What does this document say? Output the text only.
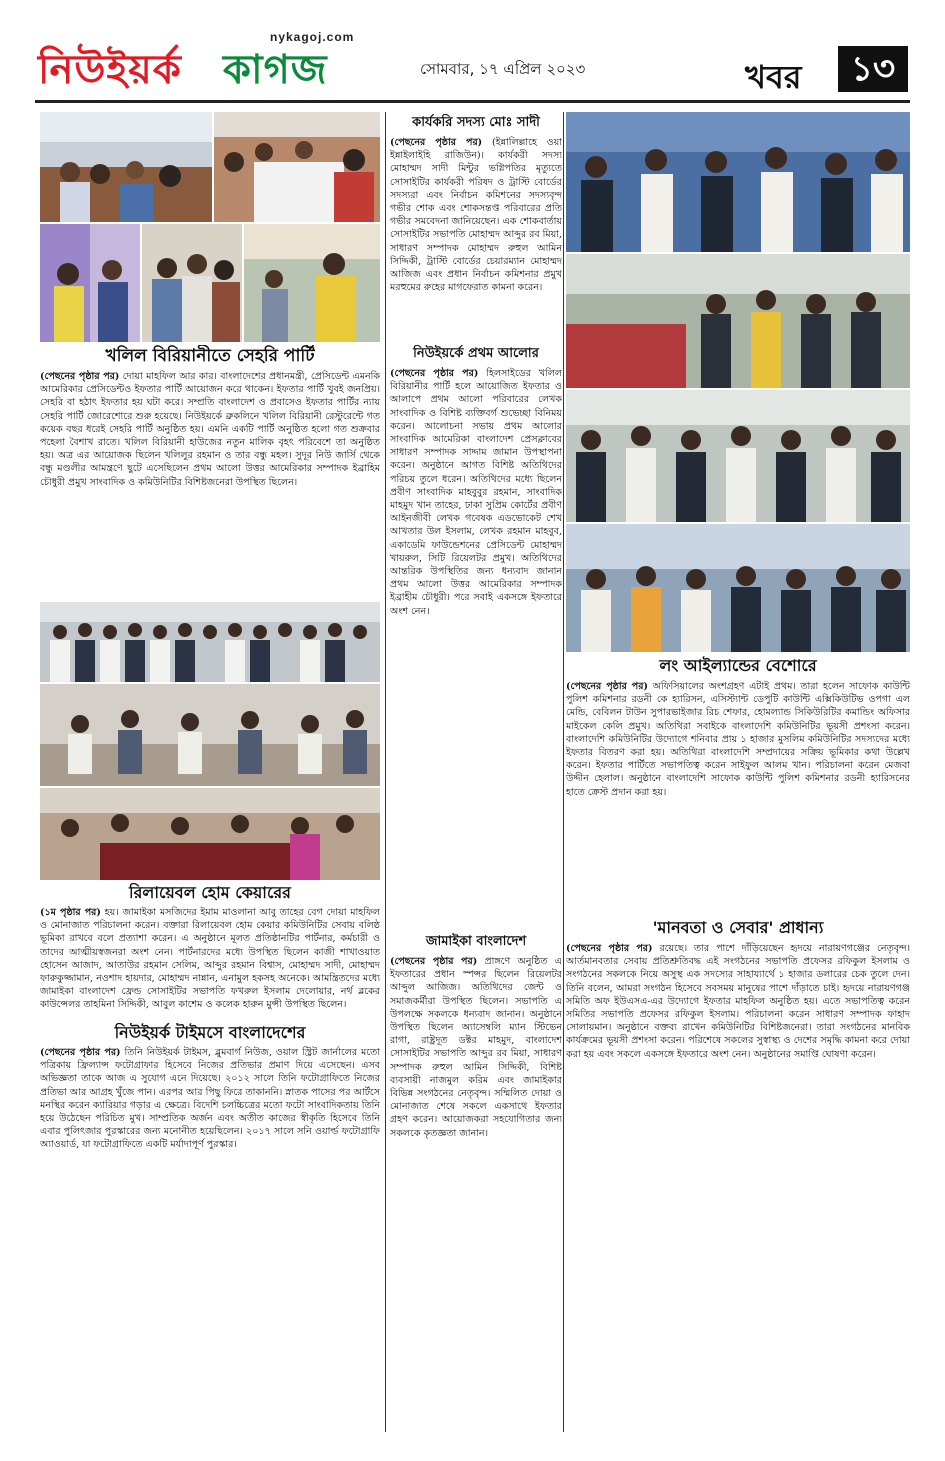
nykagoj.com
নিউইয়র্ক কাগজ	সোমবার, ১৭ এপ্রিল ২০২৩	খবর	১৩
খলিল বিরিয়ানীতে সেহরি পার্টি
(পেছনের পৃষ্ঠার পর) দোয়া মাহফিল আর কার। বাংলাদেশের প্রধানমন্ত্রী, প্রেসিডেন্ট এমনকি আমেরিকার প্রেসিডেন্টও ইফতার পার্টি আয়োজন করে থাকেন। ইফতার পার্টি খুবই জনপ্রিয়। সেহরি বা হঠাৎ ইফতার হয় ঘটা করে। সম্প্রতি বাংলাদেশ ও প্রবাসেও ইফতার পার্টির ন্যায় সেহরি পার্টি জোরেশোরে শুরু হয়েছে। নিউইয়র্কে ব্রুকলিনে খলিল বিরিয়ানী রেস্টুরেন্টে গত কয়েক বছর ধরেই সেহরি পার্টি অনুষ্ঠিত হয়। এমনি একটি পার্টি অনুষ্ঠিত হলো গত শুক্রবার পহেলা বৈশাখ রাতে। খলিল বিরিয়ানী হাউজের নতুন মালিক বৃহৎ পরিবেশে তা অনুষ্ঠিত হয়। অত্র এর আয়োজক ছিলেন খলিলুর রহমান ও তার বন্ধু মহল। সুদূর নিউ জার্সি থেকে বন্ধু মণ্ডলীর আমন্ত্রণে ছুটে এসেছিলেন প্রথম আলো উত্তর আমেরিকার সম্পাদক ইব্রাহিম চৌধুরী প্রমুখ সাংবাদিক ও কমিউনিটির বিশিষ্টজনেরা উপস্থিত ছিলেন।
রিলায়েবল হোম কেয়ারের
(১ম পৃষ্ঠার পর) হয়। জামাইকা মসজিদের ইমাম মাওলানা আবু তাহের বেগ দোয়া মাহফিল ও মোনাজাত পরিচালনা করেন। বক্তারা রিলায়েবল হোম কেয়ার কমিউনিটির সেবায় বলিষ্ঠ ভূমিকা রাখবে বলে প্রত্যাশা করেন। এ অনুষ্ঠানে মূলত প্রতিষ্ঠানটির পার্টনার, কর্মচারী ও তাদের আত্মীয়স্বজনরা অংশ নেন। পার্টনারদের মধ্যে উপস্থিত ছিলেন কাজী শাখাওয়াত হোসেন আজাদ, আতাউর রহমান সেলিম, আব্দুর রহমান বিশ্বাস, মোহাম্মদ সাদী, মোহাম্মদ ফারুকুজ্জামান, নওশাদ হায়দার, মোহাম্মদ নান্নান, এনামুল হকসহ অনেকে। আমন্ত্রিতদের মধ্যে জামাইকা বাংলাদেশ ফ্রেন্ড সোসাইটির সভাপতি ফখরুল ইসলাম দেলোয়ার, নর্থ ব্লকের কাউন্সেলর তাহমিনা সিদ্দিকী, আবুল কাশেম ও কলেক হারুন মুন্সী উপস্থিত ছিলেন।
নিউইয়র্ক টাইমসে বাংলাদেশের
(পেছনের পৃষ্ঠার পর) তিনি নিউইয়র্ক টাইমস, ব্লুমবার্গ নিউজ, ওয়াল স্ট্রিট জার্নালের মতো পত্রিকায় ফ্রিল্যান্স ফটোগ্রাফার হিসেবে নিজের প্রতিভার প্রমাণ দিয়ে এসেছেন। এসব অভিজ্ঞতা তাকে আজ এ সুযোগ এনে দিয়েছে। ২০১২ সালে তিনি ফটোগ্রাফিতে নিজের প্রতিভা আর আগ্রহ খুঁজে পান। এরপর আর পিছু ফিরে তাকাননি। স্নাতক পাসের পর আর্টসে মনস্থির করেন ক্যারিয়ার গড়ার এ ক্ষেত্রে। বিদেশি চলচ্চিত্রের মতো ফটো সাংবাদিকতায় তিনি হয়ে উঠেছেন পরিচিত মুখ। সাম্প্রতিক অর্জন এবং অতীত কাজের স্বীকৃতি হিসেবে তিনি এবার পুলিৎজার পুরস্কারের জন্য মনোনীত হয়েছিলেন। ২০১৭ সালে সনি ওয়ার্ল্ড ফটোগ্রাফি অ্যাওয়ার্ড, যা ফটোগ্রাফিতে একটি মর্যাদাপূর্ণ পুরস্কার।
কার্যকরি সদস্য মোঃ সাদী
(পেছনের পৃষ্ঠার পর) (ইন্নালিল্লাহে ওয়া ইন্নাইলাইহি রাজিউন)। কার্যকরী সদস্য মোহাম্মদ সাদী মিন্টুর ভগ্নিপতির মৃত্যুতে সোসাইটির কার্যকরী পরিষদ ও ট্রাস্টি বোর্ডের সদস্যরা এবং নির্বাচন কমিশনের সদস্যবৃন্দ গভীর শোক এবং শোকসন্তপ্ত পরিবারের প্রতি গভীর সমবেদনা জানিয়েছেন। এক শোকবার্তায় সোসাইটির সভাপতি মোহাম্মদ আব্দুর রব মিয়া, সাধারণ সম্পাদক মোহাম্মদ রুহুল আমিন সিদ্দিকী, ট্রাস্টি বোর্ডের চেয়ারম্যান মোহাম্মদ আজিজ এবং প্রধান নির্বাচন কমিশনার প্রমুখ মরহুমের রুহের মাগফেরাত কামনা করেন।
নিউইয়র্কে প্রথম আলোর
(পেছনের পৃষ্ঠার পর) হিলসাইডের খলিল বিরিয়ানীর পার্টি হলে আয়োজিত ইফতার ও আলাপে প্রথম আলো পরিবারের লেখক সাংবাদিক ও বিশিষ্ট ব্যক্তিবর্গ শুভেচ্ছা বিনিময় করেন। আলোচনা সভায় প্রথম আলোর সাংবাদিক আমেরিকা বাংলাদেশ প্রেসক্লাবের সাধারণ সম্পাদক সাদ্দাম জামান উপস্থাপনা করেন। অনুষ্ঠানে আগত বিশিষ্ট অতিথিদের পরিচয় তুলে ধরেন। অতিথিদের মধ্যে ছিলেন প্রবীণ সাংবাদিক মাহবুবুর রহমান, সাংবাদিক মাহমুদ খান তাহের, ঢাকা সুপ্রিম কোর্টের প্রবীণ আইনজীবী লেখক গবেষক এডভোকেট শেখ আখতার উল ইসলাম, লেখক রহমান মাহবুব, একাডেমি ফাউন্ডেশনের প্রেসিডেন্ট মোহাম্মদ খায়রুল, সিটি রিয়েলটর প্রমুখ। অতিথিদের আন্তরিক উপস্থিতির জন্য ধন্যবাদ জানান প্রথম আলো উত্তর আমেরিকার সম্পাদক ইব্রাহীম চৌধুরী। পরে সবাই একসঙ্গে ইফতারে অংশ নেন।
জামাইকা বাংলাদেশ
(পেছনের পৃষ্ঠার পর) প্রাঙ্গণে অনুষ্ঠিত এ ইফতারের প্রধান স্পন্সর ছিলেন রিয়েলটর আব্দুল আজিজ। অতিথিদের জেন্ট ও সমাজকর্মীরা উপস্থিত ছিলেন। সভাপতি এ উপলক্ষে সকলকে ধন্যবাদ জানান। অনুষ্ঠানে উপস্থিত ছিলেন অ্যাসেম্বলি ম্যান স্টিভেন রাগা, রাষ্ট্রদূত ডক্টর মাহমুদ, বাংলাদেশ সোসাইটির সভাপতি আব্দুর রব মিয়া, সাধারণ সম্পাদক রুহুল আমিন সিদ্দিকী, বিশিষ্ট ব্যবসায়ী নাজমুল করিম এবং জামাইকার বিভিন্ন সংগঠনের নেতৃবৃন্দ। সম্মিলিত দোয়া ও মোনাজাত শেষে সকলে একসাথে ইফতার গ্রহণ করেন। আয়োজকরা সহযোগিতার জন্য সকলকে কৃতজ্ঞতা জানান।
লং আইল্যান্ডের বেশোরে
(পেছনের পৃষ্ঠার পর) অফিসিয়ালের অংশগ্রহণ এটাই প্রথম। তারা হলেন সাফোক কাউন্টি পুলিশ কমিশনার রডনী কে হ্যারিসন, এসিস্ট্যান্ট ডেপুটি কাউন্টি এক্সিকিউটিভ ওপগা এল মেন্ডি, বেবিলন টাউন সুপারভাইজার রিচ শেফার, হোমল্যান্ড সিকিউরিটির কমান্ডিং অফিসার মাইকেল কেলি প্রমুখ। অতিথিরা সবাইকে বাংলাদেশি কমিউনিটির ভূয়সী প্রশংসা করেন। বাংলাদেশি কমিউনিটির উদ্যোগে শনিবার প্রায় ১ হাজার মুসলিম কমিউনিটির সদস্যদের মধ্যে ইফতার বিতরণ করা হয়। অতিথিরা বাংলাদেশি সম্প্রদায়ের সক্রিয় ভূমিকার কথা উল্লেখ করেন। ইফতার পার্টিতে সভাপতিত্ব করেন সাইফুল আলম খান। পরিচালনা করেন মেজবা উদ্দীন হেলাল। অনুষ্ঠানে বাংলাদেশি সাফোক কাউন্টি পুলিশ কমিশনার রডনী হ্যারিসনের হাতে ক্রেস্ট প্রদান করা হয়।
'মানবতা ও সেবার' প্রাধান্য
(পেছনের পৃষ্ঠার পর) রয়েছে। তার পাশে দাঁড়িয়েছেন হৃদয়ে নারায়ণগঞ্জের নেতৃবৃন্দ। আর্তমানবতার সেবায় প্রতিশ্রুতিবদ্ধ এই সংগঠনের সভাপতি প্রফেসর রফিকুল ইসলাম ও সংগঠনের সকলকে নিয়ে অসুস্থ এক সদস্যের সাহায্যার্থে ১ হাজার ডলারের চেক তুলে দেন। তিনি বলেন, আমরা সংগঠন হিসেবে সবসময় মানুষের পাশে দাঁড়াতে চাই। হৃদয়ে নারায়ণগঞ্জ সমিতি অফ ইউএসএ-এর উদ্যোগে ইফতার মাহফিল অনুষ্ঠিত হয়। এতে সভাপতিত্ব করেন সমিতির সভাপতি প্রফেসর রফিকুল ইসলাম। পরিচালনা করেন সাধারণ সম্পাদক ফাহাদ সোলায়মান। অনুষ্ঠানে বক্তব্য রাখেন কমিউনিটির বিশিষ্টজনেরা। তারা সংগঠনের মানবিক কার্যক্রমের ভূয়সী প্রশংসা করেন। পরিশেষে সকলের সুস্বাস্থ্য ও দেশের সমৃদ্ধি কামনা করে দোয়া করা হয় এবং সকলে একসঙ্গে ইফতারে অংশ নেন। অনুষ্ঠানের সমাপ্তি ঘোষণা করেন।
